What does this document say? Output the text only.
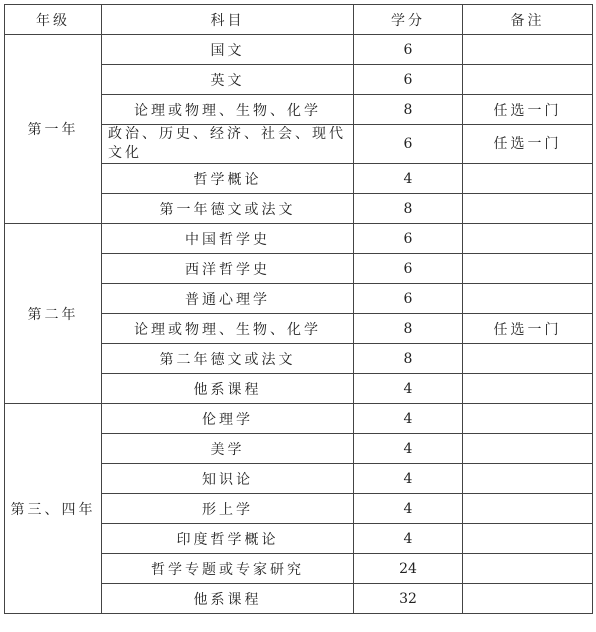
年级	科目	学分	备注
第一年	国文	6	
	英文	6	
	论理或物理、生物、化学	8	任选一门
	政治、历史、经济、社会、现代文化	6	任选一门
	哲学概论	4	
	第一年德文或法文	8	
第二年	中国哲学史	6	
	西洋哲学史	6	
	普通心理学	6	
	论理或物理、生物、化学	8	任选一门
	第二年德文或法文	8	
	他系课程	4	
第三、四年	伦理学	4	
	美学	4	
	知识论	4	
	形上学	4	
	印度哲学概论	4	
	哲学专题或专家研究	24	
	他系课程	32	
